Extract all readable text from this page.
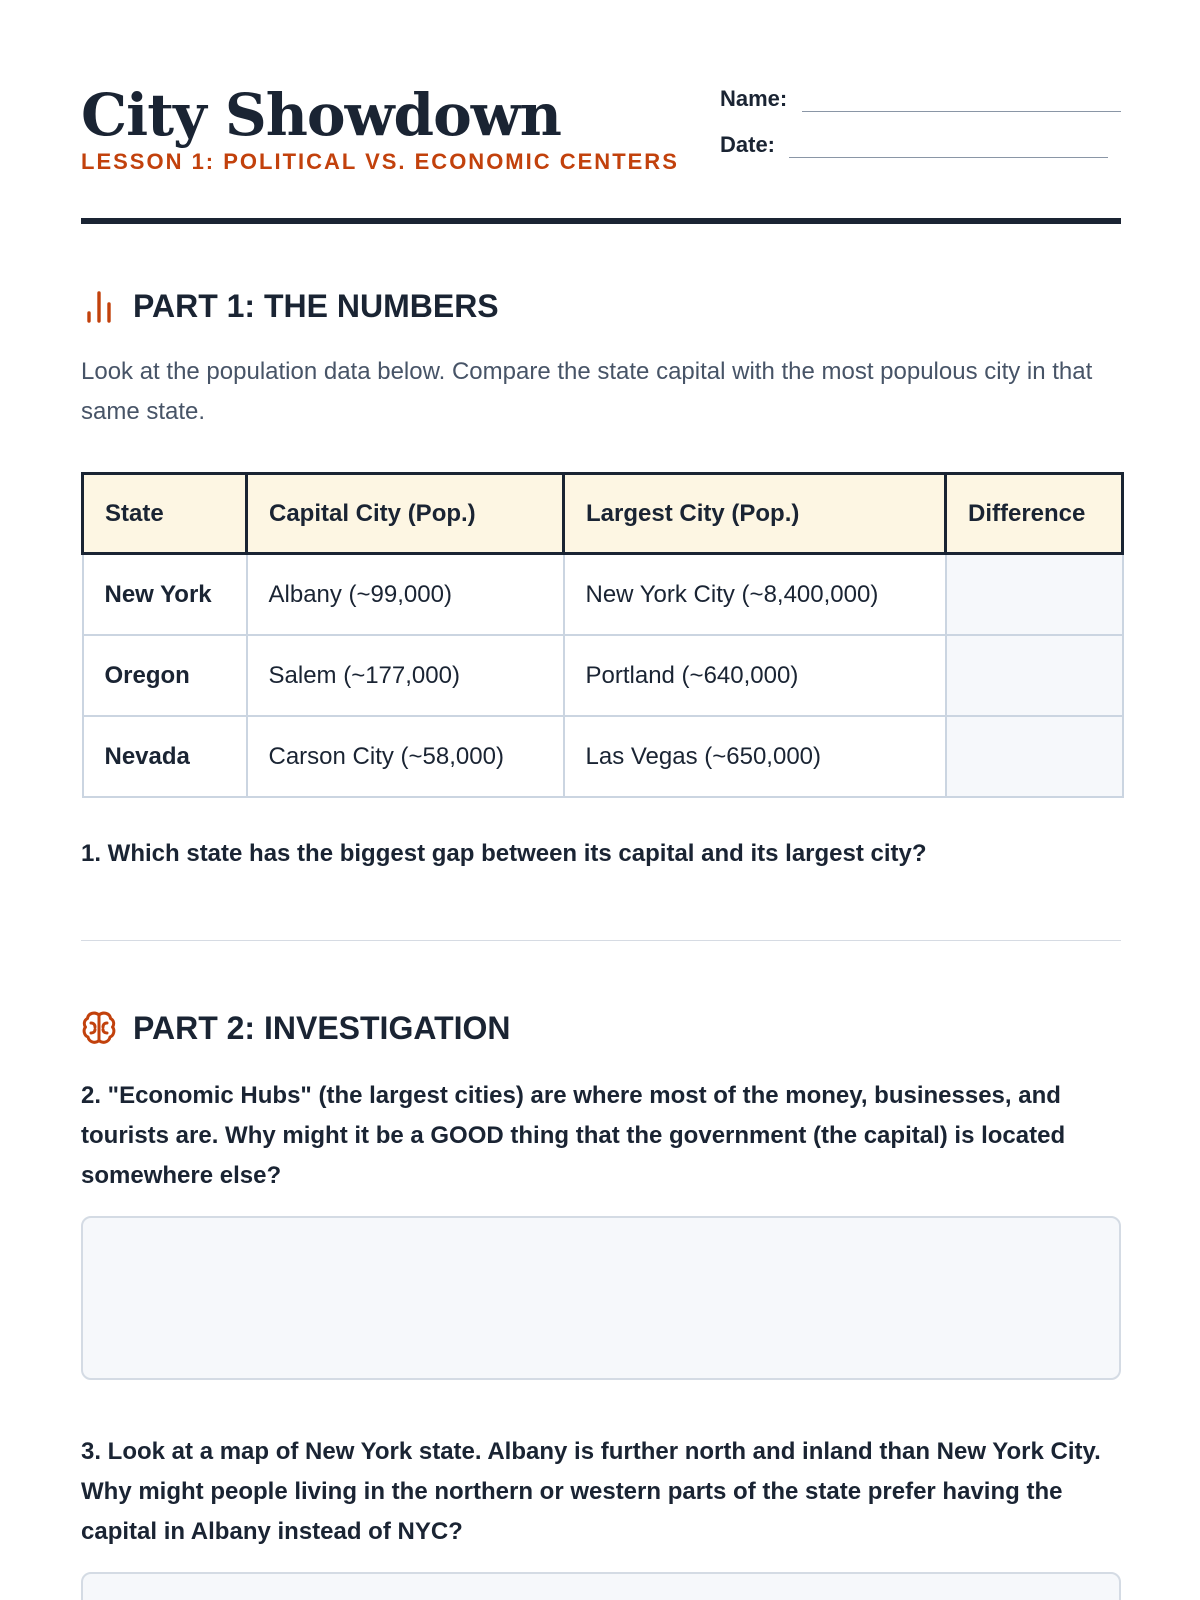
City Showdown
LESSON 1: POLITICAL VS. ECONOMIC CENTERS
Name:
Date:
PART 1: THE NUMBERS
Look at the population data below. Compare the state capital with the most populous city in that same state.
State	Capital City (Pop.)	Largest City (Pop.)	Difference
New York	Albany (~99,000)	New York City (~8,400,000)	
Oregon	Salem (~177,000)	Portland (~640,000)	
Nevada	Carson City (~58,000)	Las Vegas (~650,000)	
1. Which state has the biggest gap between its capital and its largest city?
PART 2: INVESTIGATION
2. "Economic Hubs" (the largest cities) are where most of the money, businesses, and tourists are. Why might it be a GOOD thing that the government (the capital) is located somewhere else?
3. Look at a map of New York state. Albany is further north and inland than New York City. Why might people living in the northern or western parts of the state prefer having the capital in Albany instead of NYC?
